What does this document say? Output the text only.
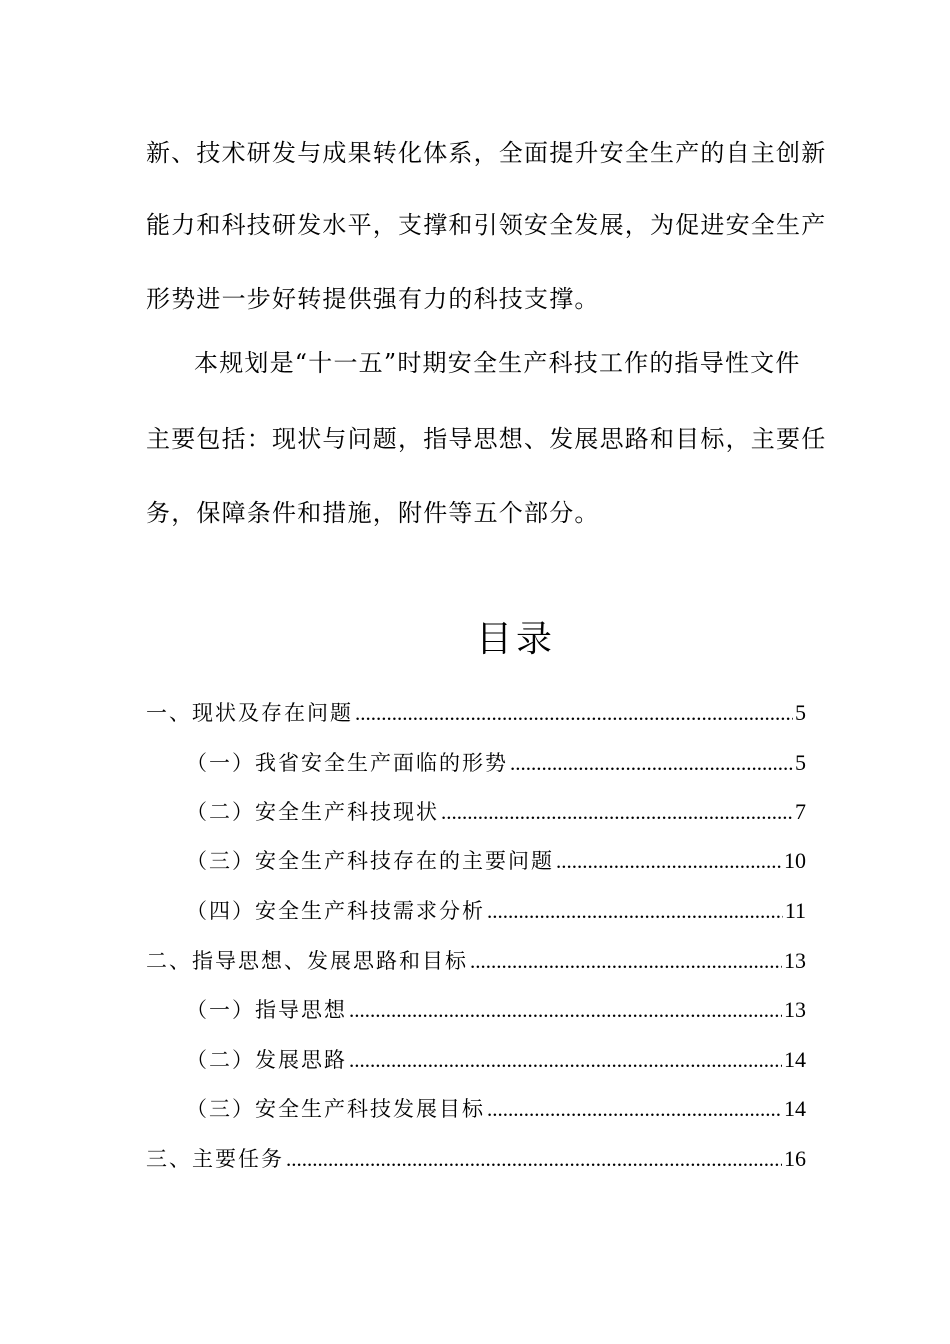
新、技术研发与成果转化体系，全面提升安全生产的自主创新
能力和科技研发水平，支撑和引领安全发展，为促进安全生产
形势进一步好转提供强有力的科技支撑。
本规划是“十一五”时期安全生产科技工作的指导性文件
主要包括：现状与问题，指导思想、发展思路和目标，主要任
务，保障条件和措施，附件等五个部分。
目录
一、现状及存在问题 .....	5
（一）我省安全生产面临的形势 .....	5
（二）安全生产科技现状 .....	7
（三）安全生产科技存在的主要问题 .....	10
（四）安全生产科技需求分析 .....	11
二、指导思想、发展思路和目标 .....	13
（一）指导思想 .....	13
（二）发展思路 .....	14
（三）安全生产科技发展目标 .....	14
三、主要任务 .....	16
